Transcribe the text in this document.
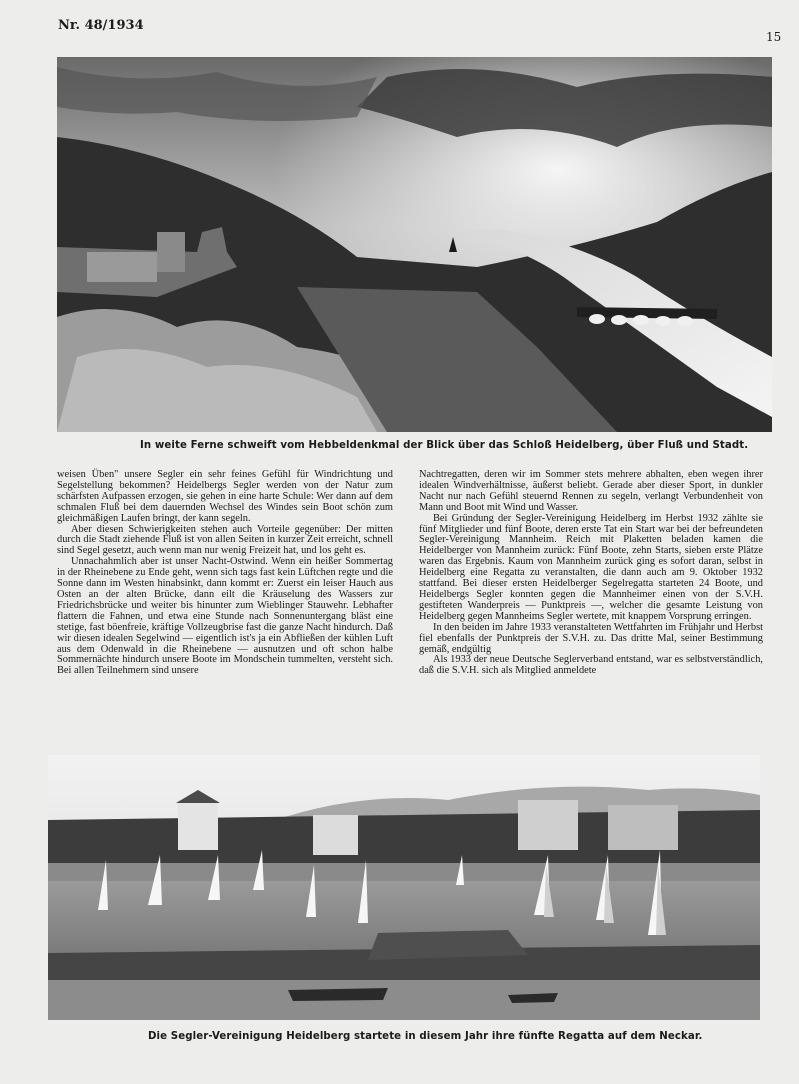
Nr. 48/1934
15
In weite Ferne schweift vom Hebbeldenkmal der Blick über das Schloß Heidelberg, über Fluß und Stadt.

weisen Üben" unsere Segler ein sehr feines Gefühl für Windrichtung und Segelstellung bekommen? Heidelbergs Segler werden von der Natur zum schärfsten Aufpassen erzogen, sie gehen in eine harte Schule: Wer dann auf dem schmalen Fluß bei dem dauernden Wechsel des Windes sein Boot schön zum gleichmäßigen Laufen bringt, der kann segeln.

Aber diesen Schwierigkeiten stehen auch Vorteile gegenüber: Der mitten durch die Stadt ziehende Fluß ist von allen Seiten in kurzer Zeit erreicht, schnell sind Segel gesetzt, auch wenn man nur wenig Freizeit hat, und los geht es.

Unnachahmlich aber ist unser Nacht-Ostwind. Wenn ein heißer Sommertag in der Rheinebene zu Ende geht, wenn sich tags fast kein Lüftchen regte und die Sonne dann im Westen hinabsinkt, dann kommt er: Zuerst ein leiser Hauch aus Osten an der alten Brücke, dann eilt die Kräuselung des Wassers zur Friedrichsbrücke und weiter bis hinunter zum Wieblinger Stauwehr. Lebhafter flattern die Fahnen, und etwa eine Stunde nach Sonnenuntergang bläst eine stetige, fast böenfreie, kräftige Vollzeugbrise fast die ganze Nacht hindurch. Daß wir diesen idealen Segelwind — eigentlich ist's ja ein Abfließen der kühlen Luft aus dem Odenwald in die Rheinebene — ausnutzen und oft schon halbe Sommernächte hindurch unsere Boote im Mondschein tummelten, versteht sich. Bei allen Teilnehmern sind unsere

Nachtregatten, deren wir im Sommer stets mehrere abhalten, eben wegen ihrer idealen Windverhältnisse, äußerst beliebt. Gerade aber dieser Sport, in dunkler Nacht nur nach Gefühl steuernd Rennen zu segeln, verlangt Verbundenheit von Mann und Boot mit Wind und Wasser.

Bei Gründung der Segler-Vereinigung Heidelberg im Herbst 1932 zählte sie fünf Mitglieder und fünf Boote, deren erste Tat ein Start war bei der befreundeten Segler-Vereinigung Mannheim. Reich mit Plaketten beladen kamen die Heidelberger von Mannheim zurück: Fünf Boote, zehn Starts, sieben erste Plätze waren das Ergebnis. Kaum von Mannheim zurück ging es sofort daran, selbst in Heidelberg eine Regatta zu veranstalten, die dann auch am 9. Oktober 1932 stattfand. Bei dieser ersten Heidelberger Segelregatta starteten 24 Boote, und Heidelbergs Segler konnten gegen die Mannheimer einen von der S.V.H. gestifteten Wanderpreis — Punktpreis —, welcher die gesamte Leistung von Heidelberg gegen Mannheims Segler wertete, mit knappem Vorsprung erringen.

In den beiden im Jahre 1933 veranstalteten Wettfahrten im Frühjahr und Herbst fiel ebenfalls der Punktpreis der S.V.H. zu. Das dritte Mal, seiner Bestimmung gemäß, endgültig

Als 1933 der neue Deutsche Seglerverband entstand, war es selbstverständlich, daß die S.V.H. sich als Mitglied anmeldete

Die Segler-Vereinigung Heidelberg startete in diesem Jahr ihre fünfte Regatta auf dem Neckar.
